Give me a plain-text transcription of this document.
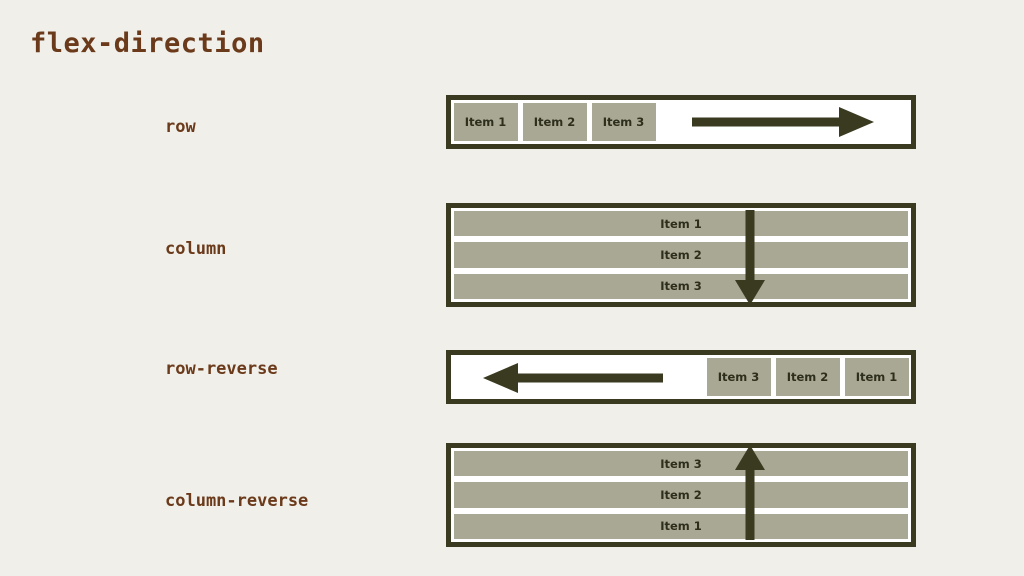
flex-direction
row	Item 1	Item 2	Item 3
column
Item 1
Item 2
Item 3
row-reverse	Item 3	Item 2	Item 1
column-reverse
Item 3
Item 2
Item 1
